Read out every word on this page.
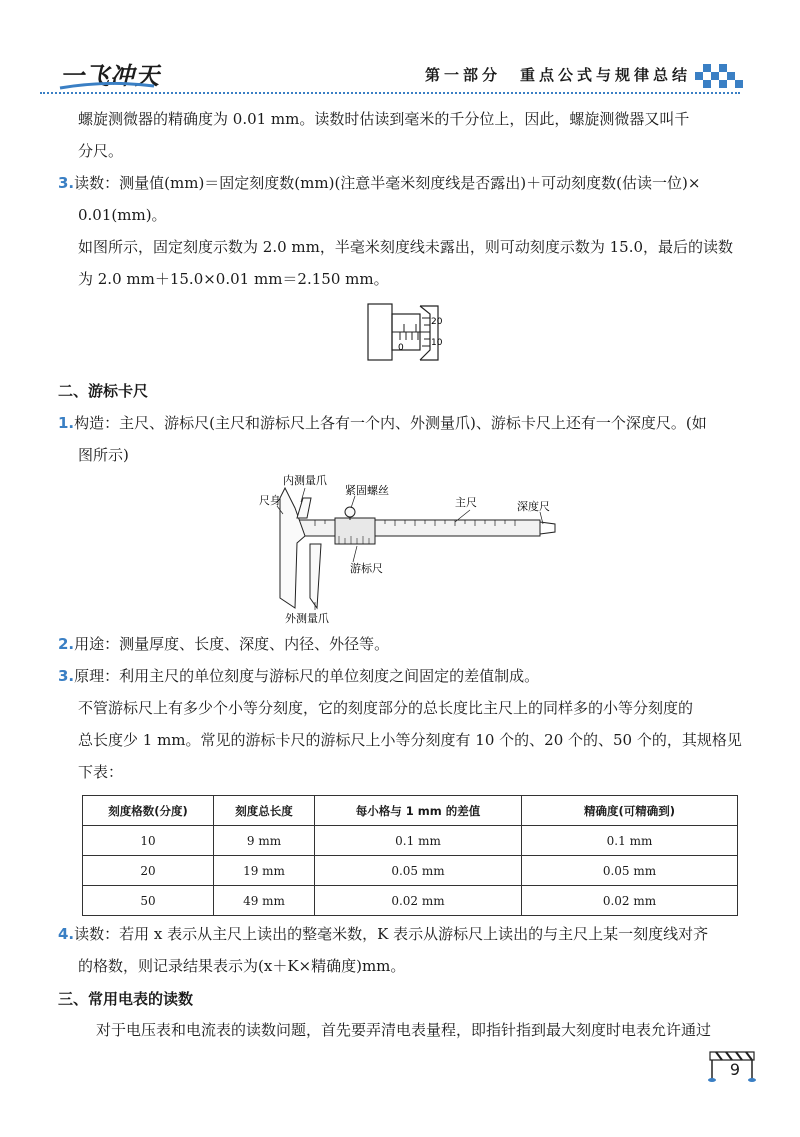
一飞冲天	第一部分　重点公式与规律总结
螺旋测微器的精确度为 0.01 mm。读数时估读到毫米的千分位上，因此，螺旋测微器又叫千
分尺。
3.读数：测量值(mm)＝固定刻度数(mm)(注意半毫米刻度线是否露出)＋可动刻度数(估读一位)×
0.01(mm)。
如图所示，固定刻度示数为 2.0 mm，半毫米刻度线未露出，则可动刻度示数为 15.0，最后的读数
为 2.0 mm＋15.0×0.01 mm＝2.150 mm。
20
10
0
二、游标卡尺
1.构造：主尺、游标尺(主尺和游标尺上各有一个内、外测量爪)、游标卡尺上还有一个深度尺。(如
图所示)
内测量爪
尺身
紧固螺丝
主尺	深度尺
游标尺
外测量爪
2.用途：测量厚度、长度、深度、内径、外径等。
3.原理：利用主尺的单位刻度与游标尺的单位刻度之间固定的差值制成。
不管游标尺上有多少个小等分刻度，它的刻度部分的总长度比主尺上的同样多的小等分刻度的
总长度少 1 mm。常见的游标卡尺的游标尺上小等分刻度有 10 个的、20 个的、50 个的，其规格见
下表：
刻度格数(分度)	刻度总长度	每小格与 1 mm 的差值	精确度(可精确到)
10	9 mm	0.1 mm	0.1 mm
20	19 mm	0.05 mm	0.05 mm
50	49 mm	0.02 mm	0.02 mm
4.读数：若用 x 表示从主尺上读出的整毫米数，K 表示从游标尺上读出的与主尺上某一刻度线对齐
的格数，则记录结果表示为(x＋K×精确度)mm。
三、常用电表的读数
对于电压表和电流表的读数问题，首先要弄清电表量程，即指针指到最大刻度时电表允许通过
9
